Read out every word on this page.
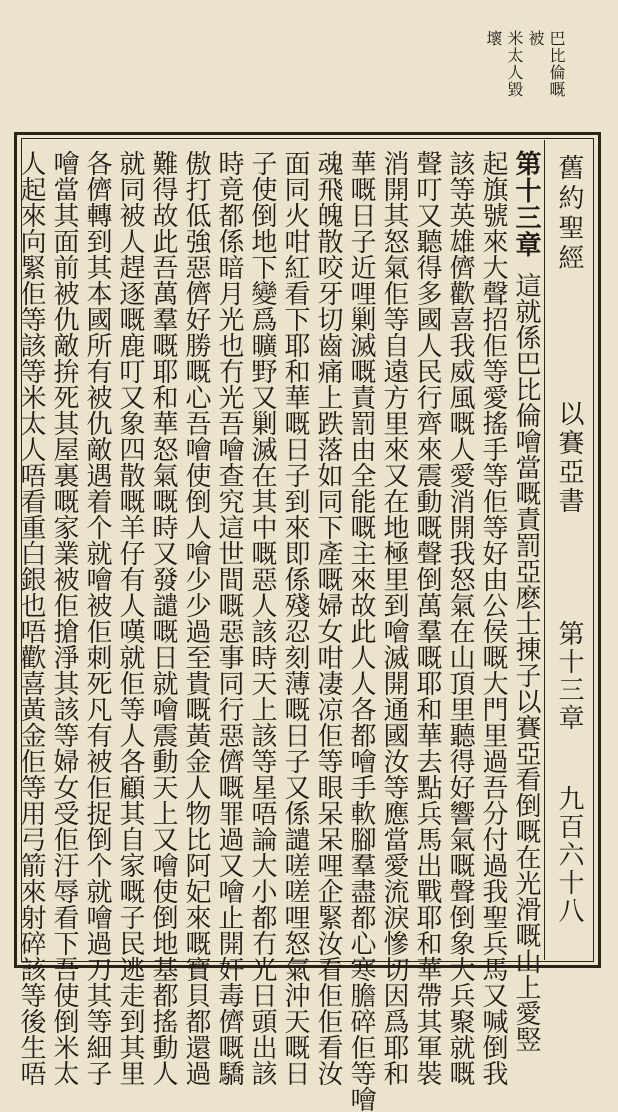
巴比倫嘅被
米太人毀壞
舊約聖經
以賽亞書
第十三章
九百六十八
第十三章這就係巴比倫噲當嘅責罰亞麽士㨂子以賽亞看倒嘅在光滑嘅山上愛竪
起旗號來大聲招佢等愛搖手等佢等好由公侯嘅大門里過吾分付過我聖兵馬又喊倒我
該等英雄儕歡喜我威風嘅人愛消開我怒氣在山頂里聽得好響氣嘅聲倒象大兵聚就嘅
聲叮又聽得多國人民行齊來震動嘅聲倒萬羣嘅耶和華去點兵馬出戰耶和華帶其軍裝
消開其怒氣佢等自遠方里來又在地極里到噲滅開通國汝等應當愛流淚慘切因爲耶和
華嘅日子近哩剿滅嘅責罰由全能嘅主來故此人人各都噲手軟腳羣盡都心寒膽碎佢等噲
魂飛魄散咬牙切齒痛上跌落如同下產嘅婦女咁凄凉佢等眼呆呆哩企緊汝看佢佢看汝
面同火咁紅看下耶和華嘅日子到來即係殘忍刻薄嘅日子又係譴嗟嗟哩怒氣沖天嘅日
子使倒地下變爲曠野又剿滅在其中嘅惡人該時天上該等星唔論大小都冇光日頭出該
時竟都係暗月光也冇光吾噲查究這世間嘅惡事同行惡儕嘅罪過又噲止開奸毒儕嘅驕
傲打低強惡儕好勝嘅心吾噲使倒人噲少少過至貴嘅黃金人物比阿妃來嘅寶貝都還過
難得故此吾萬羣嘅耶和華怒氣嘅時又發譴嘅日就噲震動天上又噲使倒地基都搖動人
就同被人趕逐嘅鹿叮又象四散嘅羊仔有人嘆就佢等人各顧其自家嘅子民逃走到其里
各儕轉到其本國所有被仇敵遇着个就噲被佢刺死凡有被佢捉倒个就噲過刀其等細子
噲當其面前被仇敵拚死其屋裏嘅家業被佢搶淨其該等婦女受佢汙辱看下吾使倒米太
人起來向緊佢等該等米太人唔看重白銀也唔歡喜黃金佢等用弓箭來射碎該等後生唔
